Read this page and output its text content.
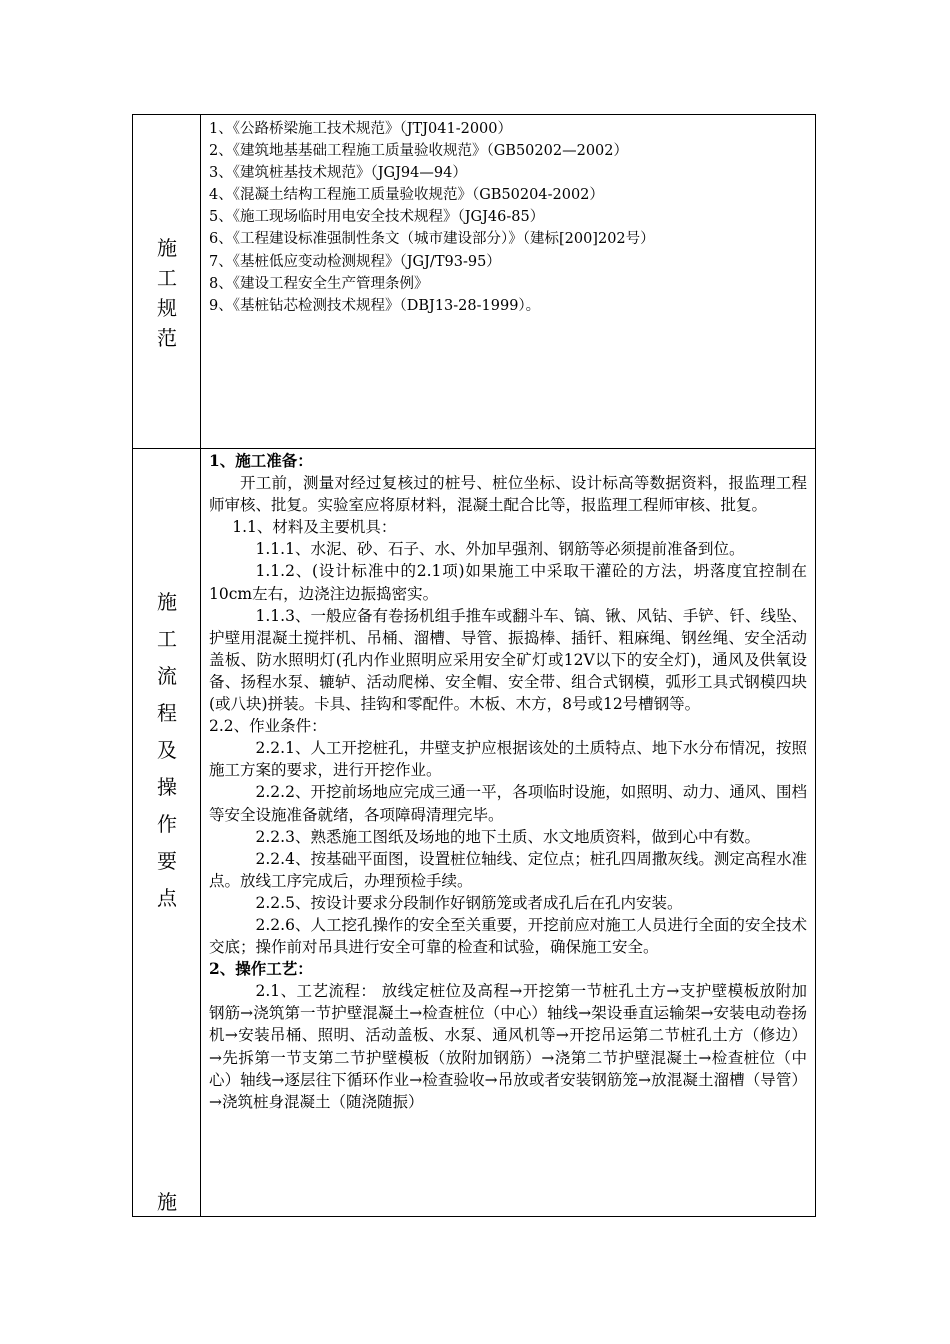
施
工
规
范
1、《公路桥梁施工技术规范》（JTJ041-2000）
2、《建筑地基基础工程施工质量验收规范》（GB50202—2002）
3、《建筑桩基技术规范》（JGJ94—94）
4、《混凝土结构工程施工质量验收规范》（GB50204-2002）
5、《施工现场临时用电安全技术规程》（JGJ46-85）
6、《工程建设标准强制性条文（城市建设部分）》（建标[200]202号）
7、《基桩低应变动检测规程》（JGJ/T93-95）
8、《建设工程安全生产管理条例》
9、《基桩钻芯检测技术规程》（DBJ13-28-1999）。
施
工
流
程
及
操
作
要
点
施

1、施工准备：

开工前，测量对经过复核过的桩号、桩位坐标、设计标高等数据资料，报监理工程师审核、批复。实验室应将原材料，混凝土配合比等，报监理工程师审核、批复。

1.1、材料及主要机具：

1.1.1、水泥、砂、石子、水、外加早强剂、钢筋等必须提前准备到位。

1.1.2、(设计标准中的2.1项)如果施工中采取干灌砼的方法，坍落度宜控制在10cm左右，边浇注边振捣密实。

1.1.3、一般应备有卷扬机组手推车或翻斗车、镐、锹、风钻、手铲、钎、线坠、护壁用混凝土搅拌机、吊桶、溜槽、导管、振捣棒、插钎、粗麻绳、钢丝绳、安全活动盖板、防水照明灯(孔内作业照明应采用安全矿灯或12V以下的安全灯)，通风及供氧设备、扬程水泵、辘轳、活动爬梯、安全帽、安全带、组合式钢模，弧形工具式钢模四块(或八块)拼装。卡具、挂钩和零配件。木板、木方，8号或12号槽钢等。

2.2、作业条件：

2.2.1、人工开挖桩孔，井壁支护应根据该处的土质特点、地下水分布情况，按照施工方案的要求，进行开挖作业。

2.2.2、开挖前场地应完成三通一平，各项临时设施，如照明、动力、通风、围档等安全设施准备就绪，各项障碍清理完毕。

2.2.3、熟悉施工图纸及场地的地下土质、水文地质资料，做到心中有数。

2.2.4、按基础平面图，设置桩位轴线、定位点；桩孔四周撒灰线。测定高程水准点。放线工序完成后，办理预检手续。

2.2.5、按设计要求分段制作好钢筋笼或者成孔后在孔内安装。

2.2.6、人工挖孔操作的安全至关重要，开挖前应对施工人员进行全面的安全技术交底；操作前对吊具进行安全可靠的检查和试验，确保施工安全。

2、操作工艺：

2.1、工艺流程： 放线定桩位及高程→开挖第一节桩孔土方→支护壁模板放附加钢筋→浇筑第一节护壁混凝土→检查桩位（中心）轴线→架设垂直运输架→安装电动卷扬机→安装吊桶、照明、活动盖板、水泵、通风机等→开挖吊运第二节桩孔土方（修边） →先拆第一节支第二节护壁模板（放附加钢筋）→浇第二节护壁混凝土→检查桩位（中心）轴线→逐层往下循环作业→检查验收→吊放或者安装钢筋笼→放混凝土溜槽（导管）→浇筑桩身混凝土（随浇随振）
